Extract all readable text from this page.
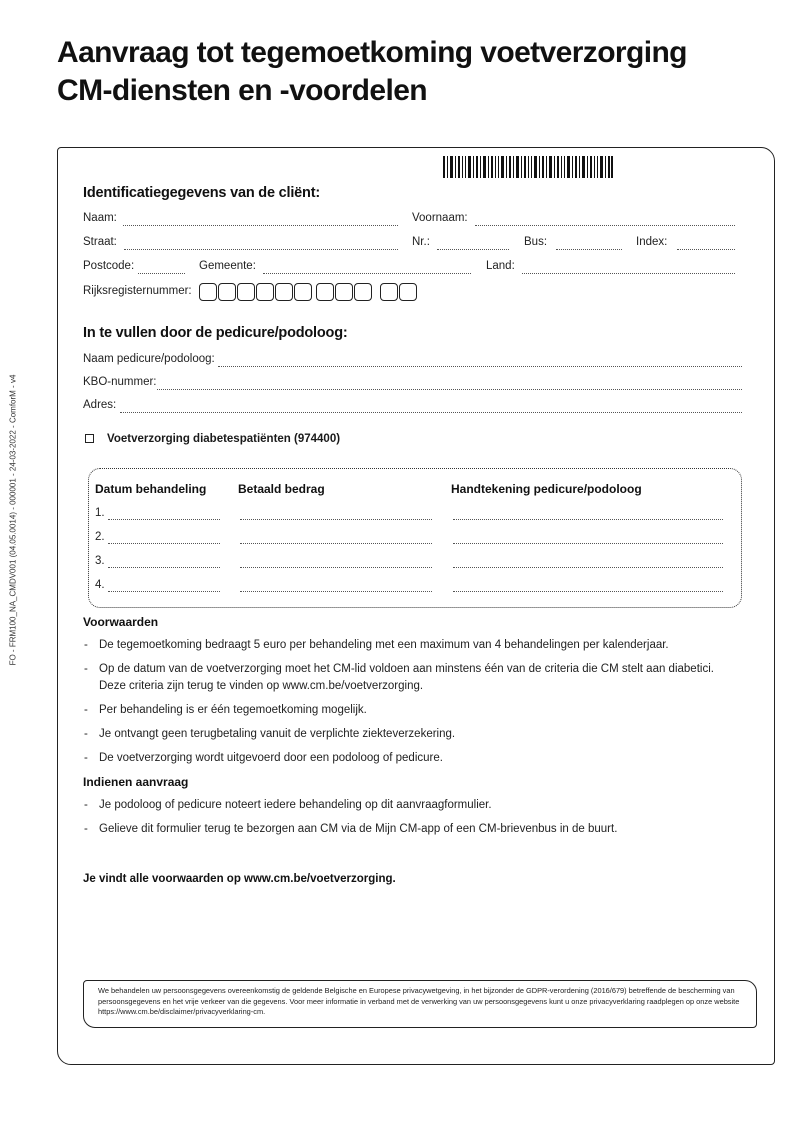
Aanvraag tot tegemoetkoming voetverzorging
CM-diensten en -voordelen
FO - FRM100_NA_CMDV001 (04.05.0014) - 000001 - 24-03-2022 - ComforM - v4
Identificatiegegevens van de cliënt:
Naam:	Voornaam:
Straat:	Nr.:	Bus:	Index:
Postcode:	Gemeente:	Land:
Rijksregisternummer:
In te vullen door de pedicure/podoloog:
Naam pedicure/podoloog:
KBO-nummer:
Adres:
Voetverzorging diabetespatiënten (974400)
Datum behandeling	Betaald bedrag	Handtekening pedicure/podoloog
1.
2.
3.
4.
Voorwaarden
- De tegemoetkoming bedraagt 5 euro per behandeling met een maximum van 4 behandelingen per kalenderjaar.
- Op de datum van de voetverzorging moet het CM-lid voldoen aan minstens één van de criteria die CM stelt aan diabetici. Deze criteria zijn terug te vinden op www.cm.be/voetverzorging.
- Per behandeling is er één tegemoetkoming mogelijk.
- Je ontvangt geen terugbetaling vanuit de verplichte ziekteverzekering.
- De voetverzorging wordt uitgevoerd door een podoloog of pedicure.
Indienen aanvraag
- Je podoloog of pedicure noteert iedere behandeling op dit aanvraagformulier.
- Gelieve dit formulier terug te bezorgen aan CM via de Mijn CM-app of een CM-brievenbus in de buurt.
Je vindt alle voorwaarden op www.cm.be/voetverzorging.
We behandelen uw persoonsgegevens overeenkomstig de geldende Belgische en Europese privacywetgeving, in het bijzonder de GDPR-verordening (2016/679) betreffende de bescherming van persoonsgegevens en het vrije verkeer van die gegevens. Voor meer informatie in verband met de verwerking van uw persoonsgegevens kunt u onze privacyverklaring raadplegen op onze website https://www.cm.be/disclaimer/privacyverklaring-cm.
